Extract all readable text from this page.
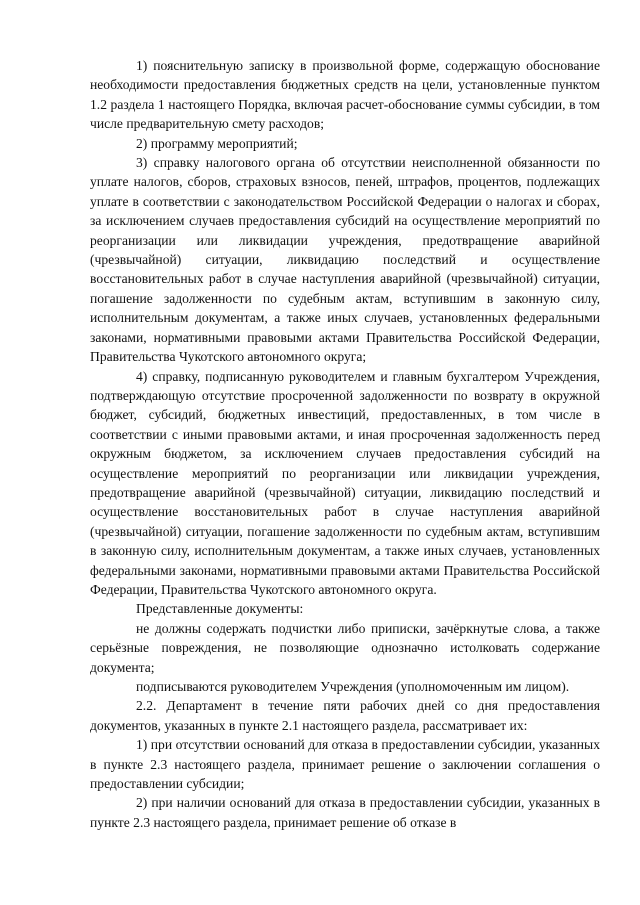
1) пояснительную записку в произвольной форме, содержащую обоснование необходимости предоставления бюджетных средств на цели, установленные пунктом 1.2 раздела 1 настоящего Порядка, включая расчет-обоснование суммы субсидии, в том числе предварительную смету расходов;

2) программу мероприятий;

3) справку налогового органа об отсутствии неисполненной обязанности по уплате налогов, сборов, страховых взносов, пеней, штрафов, процентов, подлежащих уплате в соответствии с законодательством Российской Федерации о налогах и сборах, за исключением случаев предоставления субсидий на осуществление мероприятий по реорганизации или ликвидации учреждения, предотвращение аварийной (чрезвычайной) ситуации, ликвидацию последствий и осуществление восстановительных работ в случае наступления аварийной (чрезвычайной) ситуации, погашение задолженности по судебным актам, вступившим в законную силу, исполнительным документам, а также иных случаев, установленных федеральными законами, нормативными правовыми актами Правительства Российской Федерации, Правительства Чукотского автономного округа;

4) справку, подписанную руководителем и главным бухгалтером Учреждения, подтверждающую отсутствие просроченной задолженности по возврату в окружной бюджет, субсидий, бюджетных инвестиций, предоставленных, в том числе в соответствии с иными правовыми актами, и иная просроченная задолженность перед окружным бюджетом, за исключением случаев предоставления субсидий на осуществление мероприятий по реорганизации или ликвидации учреждения, предотвращение аварийной (чрезвычайной) ситуации, ликвидацию последствий и осуществление восстановительных работ в случае наступления аварийной (чрезвычайной) ситуации, погашение задолженности по судебным актам, вступившим в законную силу, исполнительным документам, а также иных случаев, установленных федеральными законами, нормативными правовыми актами Правительства Российской Федерации, Правительства Чукотского автономного округа.

Представленные документы:

не должны содержать подчистки либо приписки, зачёркнутые слова, а также серьёзные повреждения, не позволяющие однозначно истолковать содержание документа;

подписываются руководителем Учреждения (уполномоченным им лицом).

2.2. Департамент в течение пяти рабочих дней со дня предоставления документов, указанных в пункте 2.1 настоящего раздела, рассматривает их:

1) при отсутствии оснований для отказа в предоставлении субсидии, указанных в пункте 2.3 настоящего раздела, принимает решение о заключении соглашения о предоставлении субсидии;

2) при наличии оснований для отказа в предоставлении субсидии, указанных в пункте 2.3 настоящего раздела, принимает решение об отказе в
